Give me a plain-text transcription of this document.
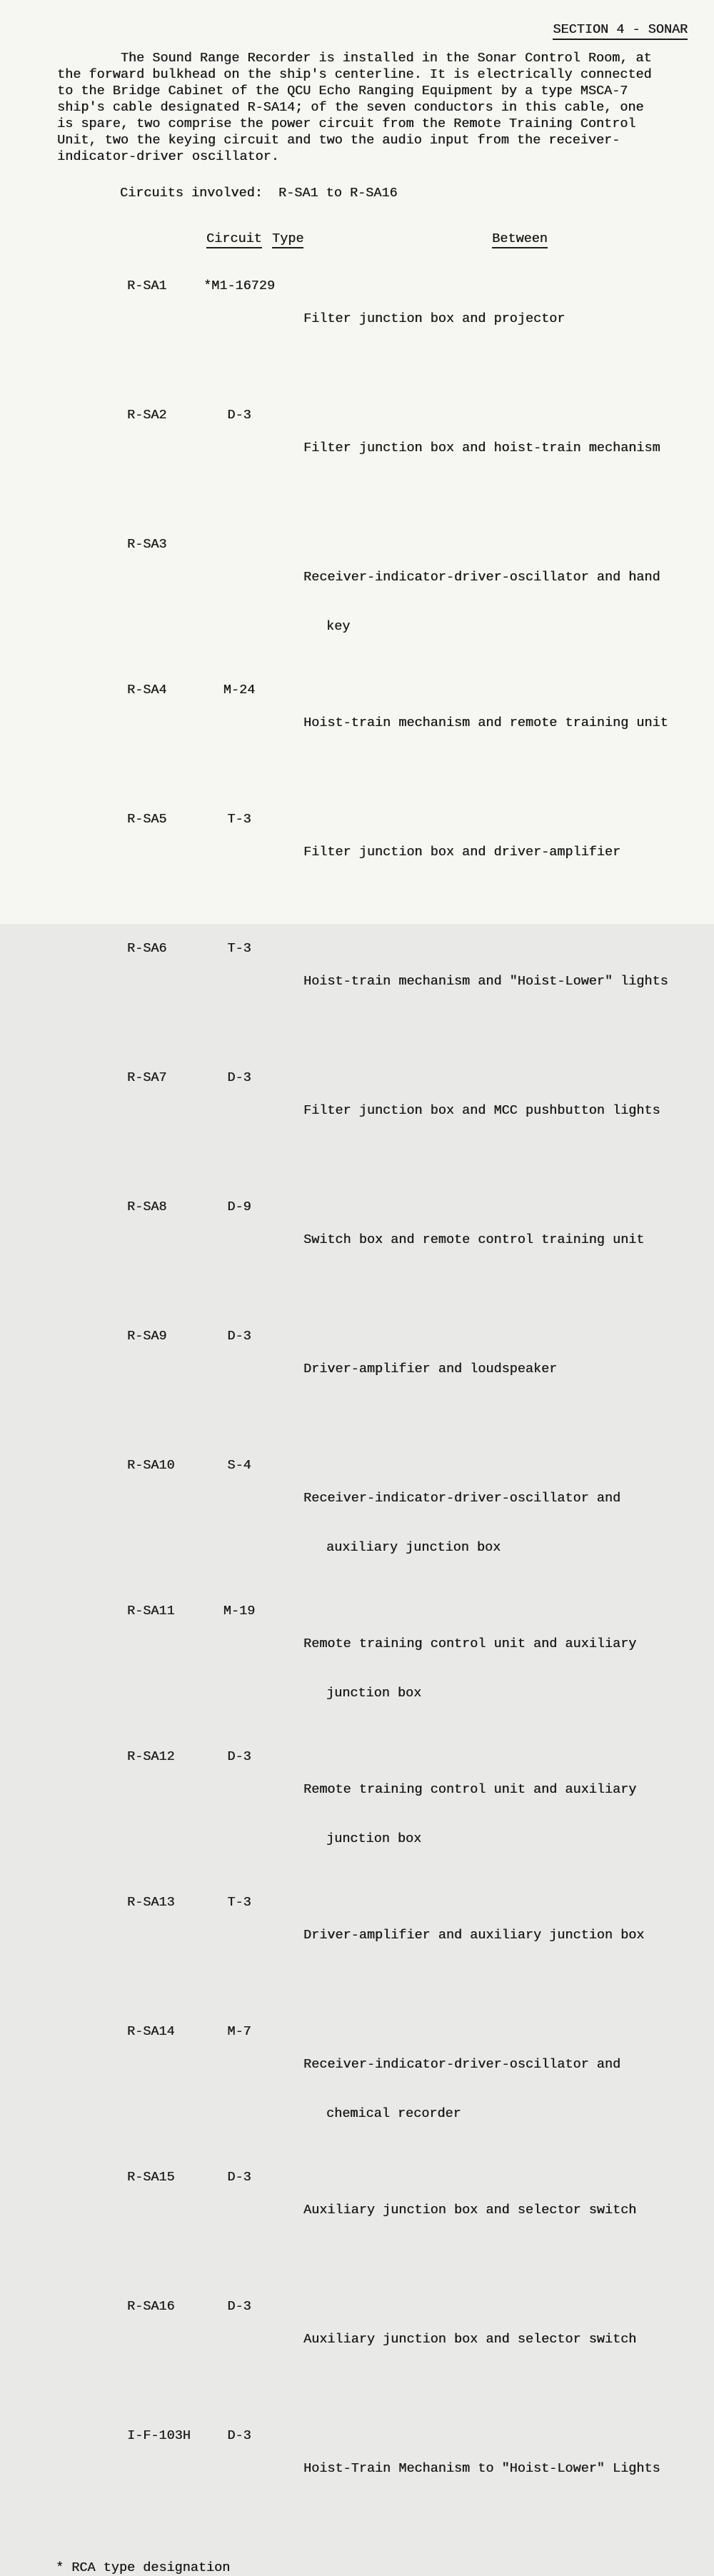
SECTION 4 - SONAR

The Sound Range Recorder is installed in the Sonar Control Room, at
the forward bulkhead on the ship's centerline. It is electrically connected
to the Bridge Cabinet of the QCU Echo Ranging Equipment by a type MSCA-7
ship's cable designated R-SA14; of the seven conductors in this cable, one
is spare, two comprise the power circuit from the Remote Training Control
Unit, two the keying circuit and two the audio input from the receiver-
indicator-driver oscillator.
Circuits involved:  R-SA1 to R-SA16

Circuit
Type
	Between

R-SA1	*M1-16729

Filter junction box and projector

R-SA2	D-3

Filter junction box and hoist-train mechanism

R-SA3

Receiver-indicator-driver-oscillator and hand

key

R-SA4	M-24

Hoist-train mechanism and remote training unit

R-SA5	T-3

Filter junction box and driver-amplifier

R-SA6	T-3

Hoist-train mechanism and "Hoist-Lower" lights

R-SA7	D-3

Filter junction box and MCC pushbutton lights

R-SA8	D-9

Switch box and remote control training unit

R-SA9	D-3

Driver-amplifier and loudspeaker

R-SA10	S-4

Receiver-indicator-driver-oscillator and

auxiliary junction box

R-SA11	M-19

Remote training control unit and auxiliary

junction box

R-SA12	D-3

Remote training control unit and auxiliary

junction box

R-SA13	T-3

Driver-amplifier and auxiliary junction box

R-SA14	M-7

Receiver-indicator-driver-oscillator and

chemical recorder

R-SA15	D-3

Auxiliary junction box and selector switch

R-SA16	D-3

Auxiliary junction box and selector switch

I-F-103H	D-3

Hoist-Train Mechanism to "Hoist-Lower" Lights

* RCA type designation
